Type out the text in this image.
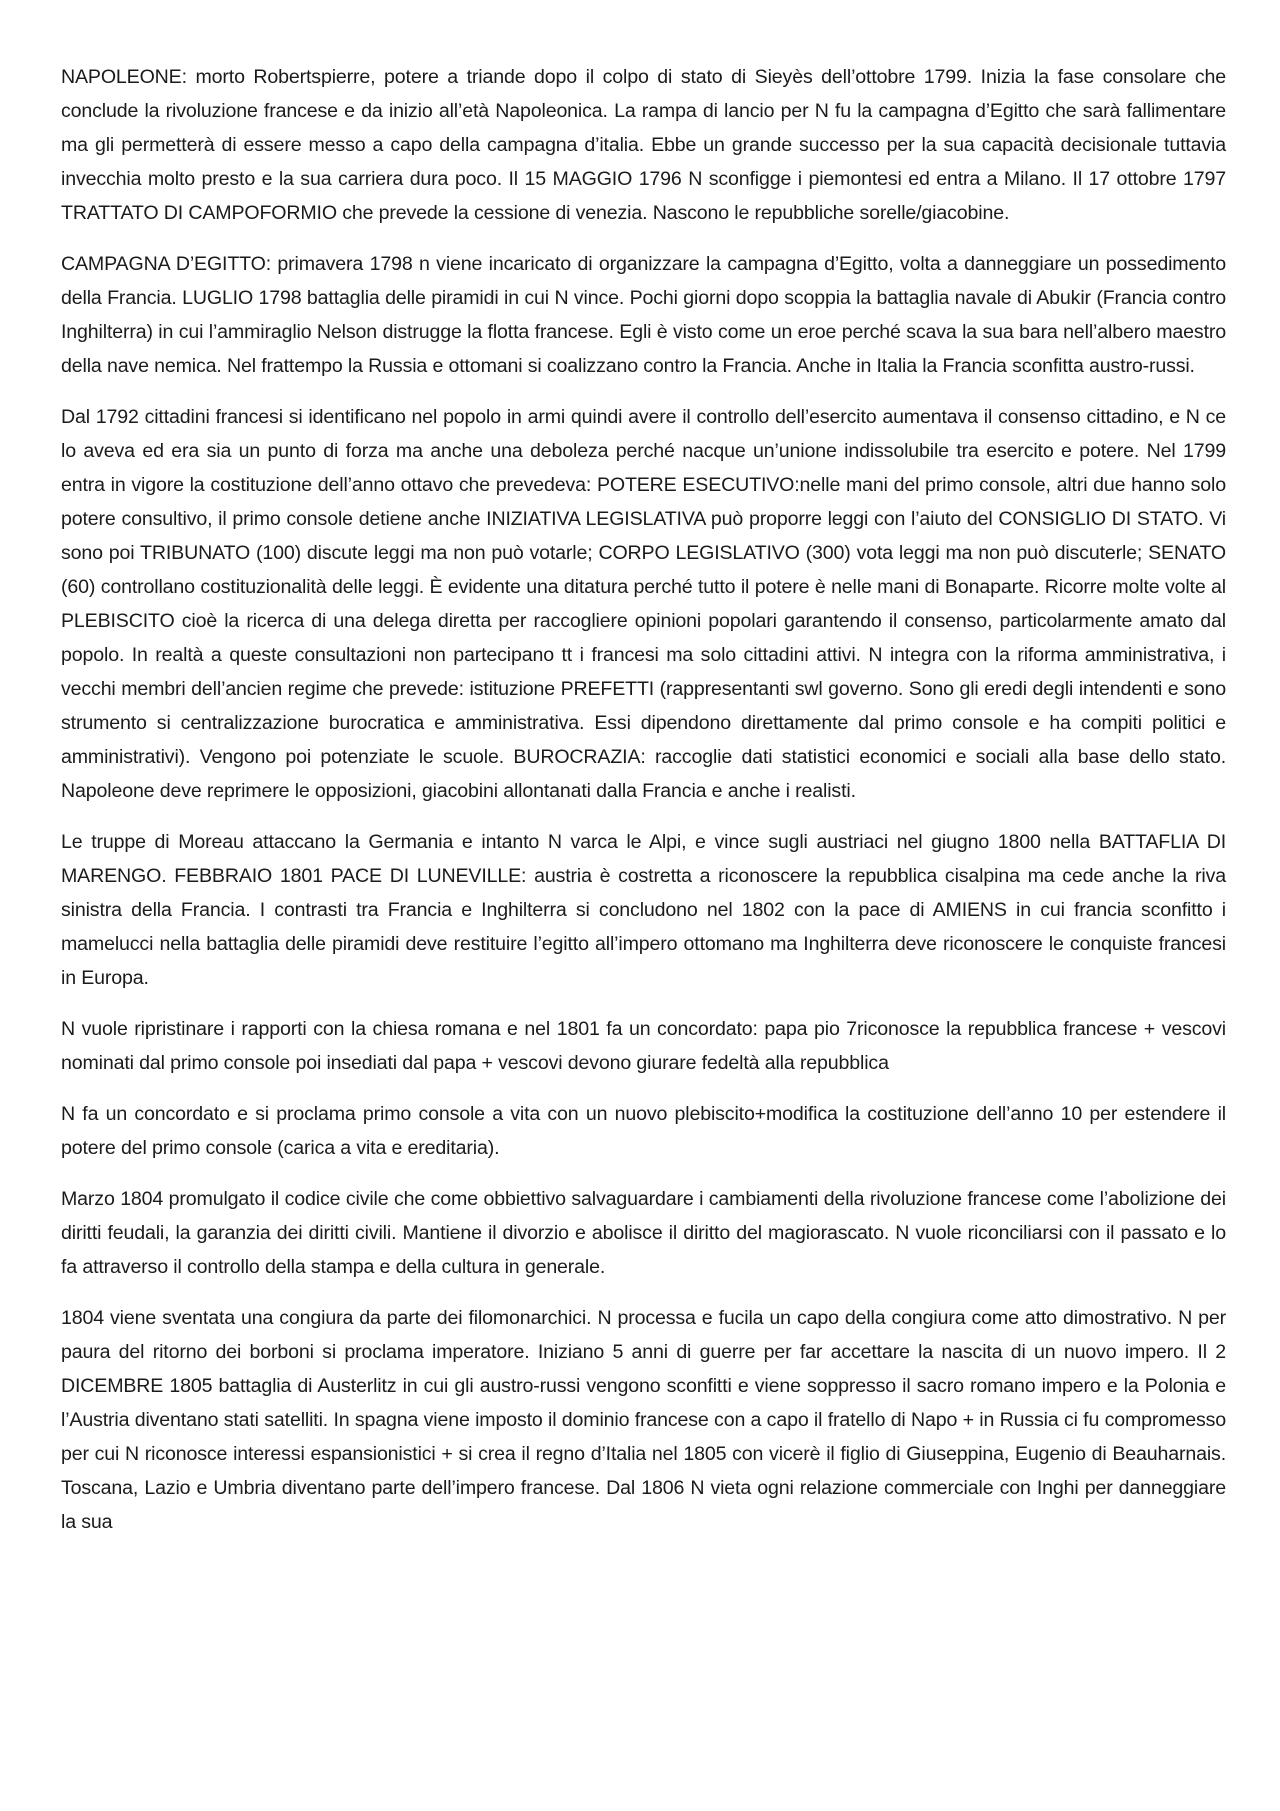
NAPOLEONE: morto Robertspierre, potere a triande dopo il colpo di stato di Sieyès dell’ottobre 1799. Inizia la fase consolare che conclude la rivoluzione francese e da inizio all’età Napoleonica. La rampa di lancio per N fu la campagna d’Egitto che sarà fallimentare ma gli permetterà di essere messo a capo della campagna d’italia. Ebbe un grande successo per la sua capacità decisionale tuttavia invecchia molto presto e la sua carriera dura poco. Il 15 MAGGIO 1796 N sconfigge i piemontesi ed entra a Milano. Il 17 ottobre 1797 TRATTATO DI CAMPOFORMIO che prevede la cessione di venezia. Nascono le repubbliche sorelle/giacobine.

CAMPAGNA D’EGITTO: primavera 1798 n viene incaricato di organizzare la campagna d’Egitto, volta a danneggiare un possedimento della Francia. LUGLIO 1798 battaglia delle piramidi in cui N vince. Pochi giorni dopo scoppia la battaglia navale di Abukir (Francia contro Inghilterra) in cui l’ammiraglio Nelson distrugge la flotta francese. Egli è visto come un eroe perché scava la sua bara nell’albero maestro della nave nemica. Nel frattempo la Russia e ottomani si coalizzano contro la Francia. Anche in Italia la Francia sconfitta austro-russi.

Dal 1792 cittadini francesi si identificano nel popolo in armi quindi avere il controllo dell’esercito aumentava il consenso cittadino, e N ce lo aveva ed era sia un punto di forza ma anche una deboleza perché nacque un’unione indissolubile tra esercito e potere. Nel 1799 entra in vigore la costituzione dell’anno ottavo che prevedeva: POTERE ESECUTIVO:nelle mani del primo console, altri due hanno solo potere consultivo, il primo console detiene anche INIZIATIVA LEGISLATIVA può proporre leggi con l’aiuto del CONSIGLIO DI STATO. Vi sono poi TRIBUNATO (100) discute leggi ma non può votarle; CORPO LEGISLATIVO (300) vota leggi ma non può discuterle; SENATO (60) controllano costituzionalità delle leggi. È evidente una ditatura perché tutto il potere è nelle mani di Bonaparte. Ricorre molte volte al PLEBISCITO cioè la ricerca di una delega diretta per raccogliere opinioni popolari garantendo il consenso, particolarmente amato dal popolo. In realtà a queste consultazioni non partecipano tt i francesi ma solo cittadini attivi. N integra con la riforma amministrativa, i vecchi membri dell’ancien regime che prevede: istituzione PREFETTI (rappresentanti swl governo. Sono gli eredi degli intendenti e sono strumento si centralizzazione burocratica e amministrativa. Essi dipendono direttamente dal primo console e ha compiti politici e amministrativi). Vengono poi potenziate le scuole. BUROCRAZIA: raccoglie dati statistici economici e sociali alla base dello stato. Napoleone deve reprimere le opposizioni, giacobini allontanati dalla Francia e anche i realisti.

Le truppe di Moreau attaccano la Germania e intanto N varca le Alpi, e vince sugli austriaci nel giugno 1800 nella BATTAFLIA DI MARENGO. FEBBRAIO 1801 PACE DI LUNEVILLE: austria è costretta a riconoscere la repubblica cisalpina ma cede anche la riva sinistra della Francia. I contrasti tra Francia e Inghilterra si concludono nel 1802 con la pace di AMIENS in cui francia sconfitto i mamelucci nella battaglia delle piramidi deve restituire l’egitto all’impero ottomano ma Inghilterra deve riconoscere le conquiste francesi in Europa.

N vuole ripristinare i rapporti con la chiesa romana e nel 1801 fa un concordato: papa pio 7riconosce la repubblica francese + vescovi nominati dal primo console poi insediati dal papa + vescovi devono giurare fedeltà alla repubblica

N fa un concordato e si proclama primo console a vita con un nuovo plebiscito+modifica la costituzione dell’anno 10 per estendere il potere del primo console (carica a vita e ereditaria).

Marzo 1804 promulgato il codice civile che come obbiettivo salvaguardare i cambiamenti della rivoluzione francese come l’abolizione dei diritti feudali, la garanzia dei diritti civili. Mantiene il divorzio e abolisce il diritto del magiorascato. N vuole riconciliarsi con il passato e lo fa attraverso il controllo della stampa e della cultura in generale.

1804 viene sventata una congiura da parte dei filomonarchici. N processa e fucila un capo della congiura come atto dimostrativo. N per paura del ritorno dei borboni si proclama imperatore. Iniziano 5 anni di guerre per far accettare la nascita di un nuovo impero. Il 2 DICEMBRE 1805 battaglia di Austerlitz in cui gli austro-russi vengono sconfitti e viene soppresso il sacro romano impero e la Polonia e l’Austria diventano stati satelliti. In spagna viene imposto il dominio francese con a capo il fratello di Napo + in Russia ci fu compromesso per cui N riconosce interessi espansionistici + si crea il regno d’Italia nel 1805 con vicerè il figlio di Giuseppina, Eugenio di Beauharnais. Toscana, Lazio e Umbria diventano parte dell’impero francese. Dal 1806 N vieta ogni relazione commerciale con Inghi per danneggiare la sua
